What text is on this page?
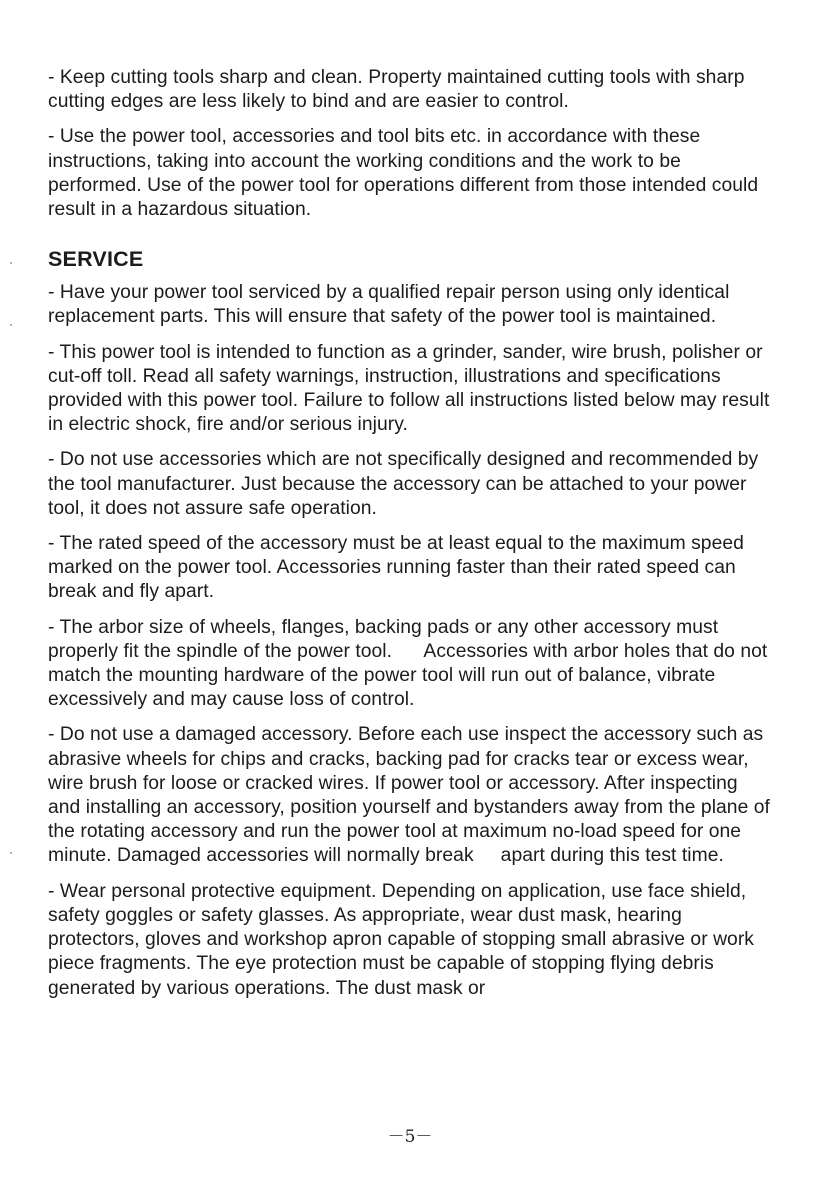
- Keep cutting tools sharp and clean. Property maintained cutting tools with sharp cutting edges are less likely to bind and are easier to control.

- Use the power tool, accessories and tool bits etc. in accordance with these instructions, taking into account the working conditions and the work to be performed. Use of the power tool for operations different from those intended could result in a hazardous situation.

SERVICE

- Have your power tool serviced by a qualified repair person using only identical replacement parts. This will ensure that safety of the power tool is maintained.

- This power tool is intended to function as a grinder, sander, wire brush, polisher or cut-off toll. Read all safety warnings, instruction, illustrations and specifications provided with this power tool. Failure to follow all instructions listed below may result in electric shock, fire and/or serious injury.

- Do not use accessories which are not specifically designed and recommended by the tool manufacturer. Just because the accessory can be attached to your power tool, it does not assure safe operation.

- The rated speed of the accessory must be at least equal to the maximum speed marked on the power tool. Accessories running faster than their rated speed can break and fly apart.

- The arbor size of wheels, flanges, backing pads or any other accessory must properly fit the spindle of the power tool.      Accessories with arbor holes that do not match the mounting hardware of the power tool will run out of balance, vibrate    excessively and may cause loss of control.

- Do not use a damaged accessory. Before each use inspect the accessory such as abrasive wheels for chips and cracks, backing pad for cracks tear or excess wear, wire brush for loose or cracked wires. If power tool or accessory. After inspecting and installing an accessory, position yourself and bystanders away from the plane of the rotating accessory and run the power tool at maximum no-load speed for one minute. Damaged accessories will normally break     apart during this test time.

- Wear personal protective equipment. Depending on application, use face shield, safety goggles or safety glasses. As appropriate, wear dust mask, hearing protectors, gloves and workshop apron capable of stopping small abrasive or work piece fragments. The eye protection must be capable of stopping flying debris generated by various operations. The dust mask or

－5－
